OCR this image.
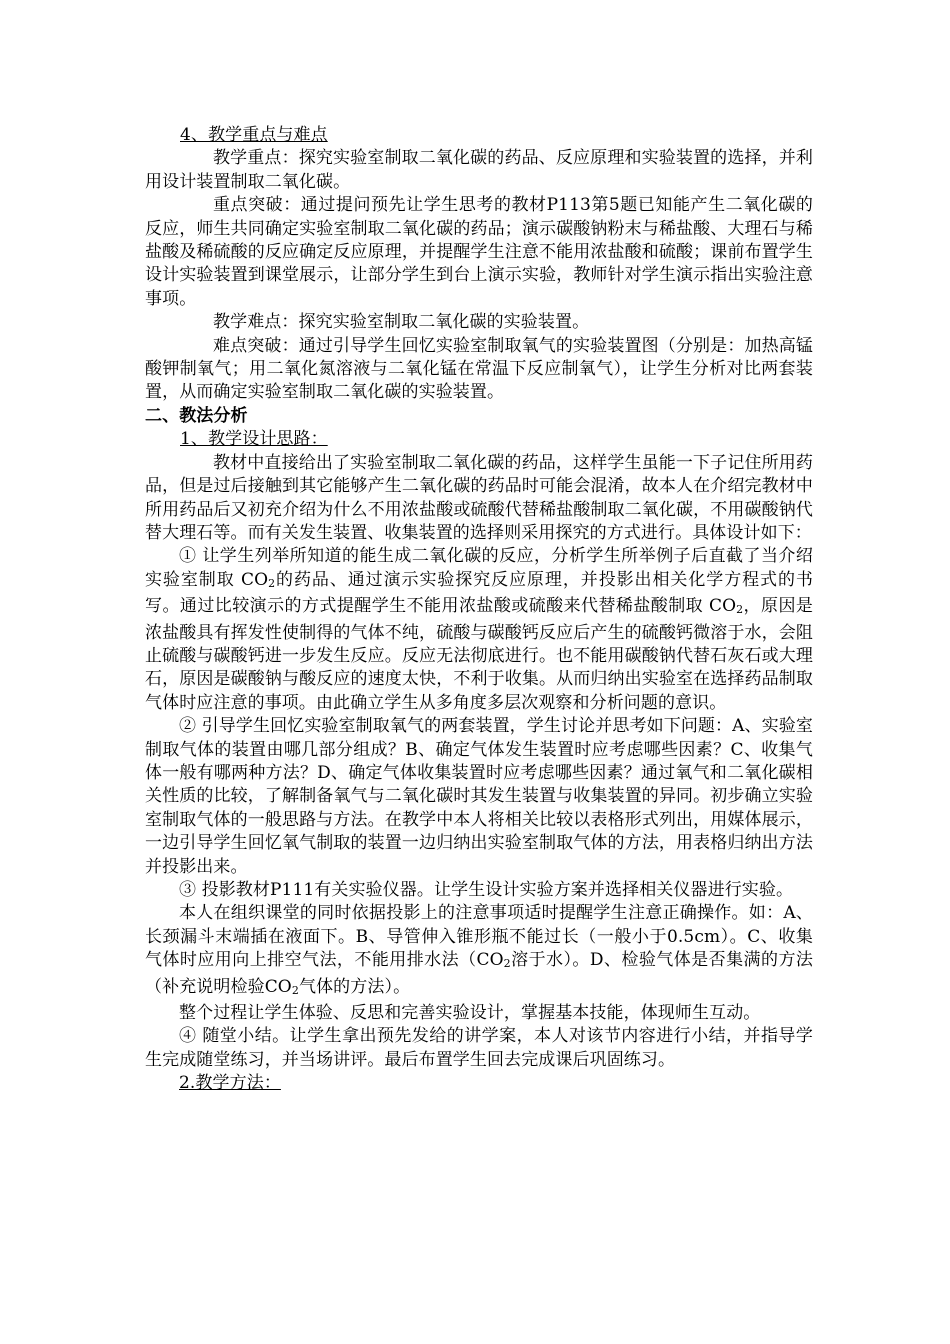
4、教学重点与难点

教学重点：探究实验室制取二氧化碳的药品、反应原理和实验装置的选择，并利用设计装置制取二氧化碳。

重点突破：通过提问预先让学生思考的教材P113第5题已知能产生二氧化碳的反应，师生共同确定实验室制取二氧化碳的药品；演示碳酸钠粉末与稀盐酸、大理石与稀盐酸及稀硫酸的反应确定反应原理，并提醒学生注意不能用浓盐酸和硫酸；课前布置学生设计实验装置到课堂展示，让部分学生到台上演示实验，教师针对学生演示指出实验注意事项。

教学难点：探究实验室制取二氧化碳的实验装置。

难点突破：通过引导学生回忆实验室制取氧气的实验装置图（分别是：加热高锰酸钾制氧气；用二氧化氮溶液与二氧化锰在常温下反应制氧气），让学生分析对比两套装置，从而确定实验室制取二氧化碳的实验装置。

二、教法分析

1、教学设计思路：

教材中直接给出了实验室制取二氧化碳的药品，这样学生虽能一下子记住所用药品，但是过后接触到其它能够产生二氧化碳的药品时可能会混淆，故本人在介绍完教材中所用药品后又初充介绍为什么不用浓盐酸或硫酸代替稀盐酸制取二氧化碳，不用碳酸钠代替大理石等。而有关发生装置、收集装置的选择则采用探究的方式进行。具体设计如下：

① 让学生列举所知道的能生成二氧化碳的反应，分析学生所举例子后直截了当介绍实验室制取 CO2的药品、通过演示实验探究反应原理，并投影出相关化学方程式的书写。通过比较演示的方式提醒学生不能用浓盐酸或硫酸来代替稀盐酸制取 CO2，原因是浓盐酸具有挥发性使制得的气体不纯，硫酸与碳酸钙反应后产生的硫酸钙微溶于水，会阻止硫酸与碳酸钙进一步发生反应。反应无法彻底进行。也不能用碳酸钠代替石灰石或大理石，原因是碳酸钠与酸反应的速度太快，不利于收集。从而归纳出实验室在选择药品制取气体时应注意的事项。由此确立学生从多角度多层次观察和分析问题的意识。

② 引导学生回忆实验室制取氧气的两套装置，学生讨论并思考如下问题：A、实验室制取气体的装置由哪几部分组成？B、确定气体发生装置时应考虑哪些因素？C、收集气体一般有哪两种方法？D、确定气体收集装置时应考虑哪些因素？通过氧气和二氧化碳相关性质的比较，了解制备氧气与二氧化碳时其发生装置与收集装置的异同。初步确立实验室制取气体的一般思路与方法。在教学中本人将相关比较以表格形式列出，用媒体展示，一边引导学生回忆氧气制取的装置一边归纳出实验室制取气体的方法，用表格归纳出方法并投影出来。

③ 投影教材P111有关实验仪器。让学生设计实验方案并选择相关仪器进行实验。

本人在组织课堂的同时依据投影上的注意事项适时提醒学生注意正确操作。如：A、长颈漏斗末端插在液面下。B、导管伸入锥形瓶不能过长（一般小于0.5cm）。C、收集气体时应用向上排空气法，不能用排水法（CO2溶于水）。D、检验气体是否集满的方法（补充说明检验CO2气体的方法）。

整个过程让学生体验、反思和完善实验设计，掌握基本技能，体现师生互动。

④ 随堂小结。让学生拿出预先发给的讲学案，本人对该节内容进行小结，并指导学生完成随堂练习，并当场讲评。最后布置学生回去完成课后巩固练习。

2.教学方法：
